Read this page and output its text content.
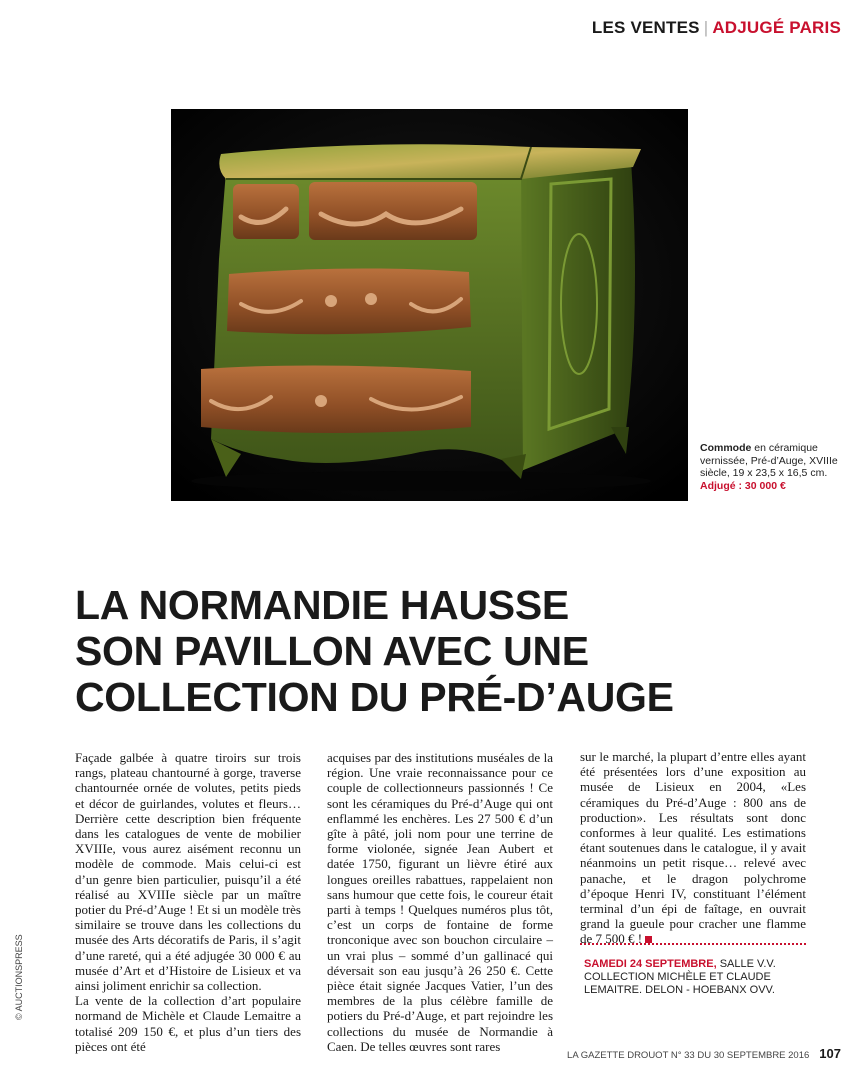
LES VENTES | ADJUGÉ PARIS
Commode en céramique vernissée, Pré-d’Auge, XVIIIe siècle, 19 x 23,5 x 16,5 cm.
Adjugé : 30 000 €
LA NORMANDIE HAUSSE
SON PAVILLON AVEC UNE
COLLECTION DU PRÉ-D’AUGE

Façade galbée à quatre tiroirs sur trois rangs, plateau chantourné à gorge, traverse chantournée ornée de volutes, petits pieds et décor de guirlandes, volutes et fleurs… Derrière cette description bien fréquente dans les catalogues de vente de mobilier XVIIIe, vous aurez aisément reconnu un modèle de commode. Mais celui-ci est d’un genre bien particulier, puisqu’il a été réalisé au XVIIIe siècle par un maître potier du Pré-d’Auge ! Et si un modèle très similaire se trouve dans les collections du musée des Arts décoratifs de Paris, il s’agit d’une rareté, qui a été adjugée 30 000 € au musée d’Art et d’Histoire de Lisieux et va ainsi joliment enrichir sa collection.

La vente de la collection d’art populaire normand de Michèle et Claude Lemaitre a totalisé 209 150 €, et plus d’un tiers des pièces ont été

acquises par des institutions muséales de la région. Une vraie reconnaissance pour ce couple de collectionneurs passionnés ! Ce sont les céramiques du Pré-d’Auge qui ont enflammé les enchères. Les 27 500 € d’un gîte à pâté, joli nom pour une terrine de forme violonée, signée Jean Aubert et datée 1750, figurant un lièvre étiré aux longues oreilles rabattues, rappelaient non sans humour que cette fois, le coureur était parti à temps ! Quelques numéros plus tôt, c’est un corps de fontaine de forme tronconique avec son bouchon circulaire – un vrai plus – sommé d’un gallinacé qui déversait son eau jusqu’à 26 250 €. Cette pièce était signée Jacques Vatier, l’un des membres de la plus célèbre famille de potiers du Pré-d’Auge, et part rejoindre les collections du musée de Normandie à Caen. De telles œuvres sont rares

sur le marché, la plupart d’entre elles ayant été présentées lors d’une exposition au musée de Lisieux en 2004, «Les céramiques du Pré-d’Auge : 800 ans de production». Les résultats sont donc conformes à leur qualité. Les estimations étant soutenues dans le catalogue, il y avait néanmoins un petit risque… relevé avec panache, et le dragon polychrome d’époque Henri IV, constituant l’élément terminal d’un épi de faîtage, en ouvrait grand la gueule pour cracher une flamme de 7 500 € !

SAMEDI 24 SEPTEMBRE, SALLE V.V. COLLECTION MICHÈLE ET CLAUDE LEMAITRE. DELON - HOEBANX OVV.
© AUCTIONSPRESS
LA GAZETTE DROUOT N° 33 DU 30 SEPTEMBRE 2016 107
